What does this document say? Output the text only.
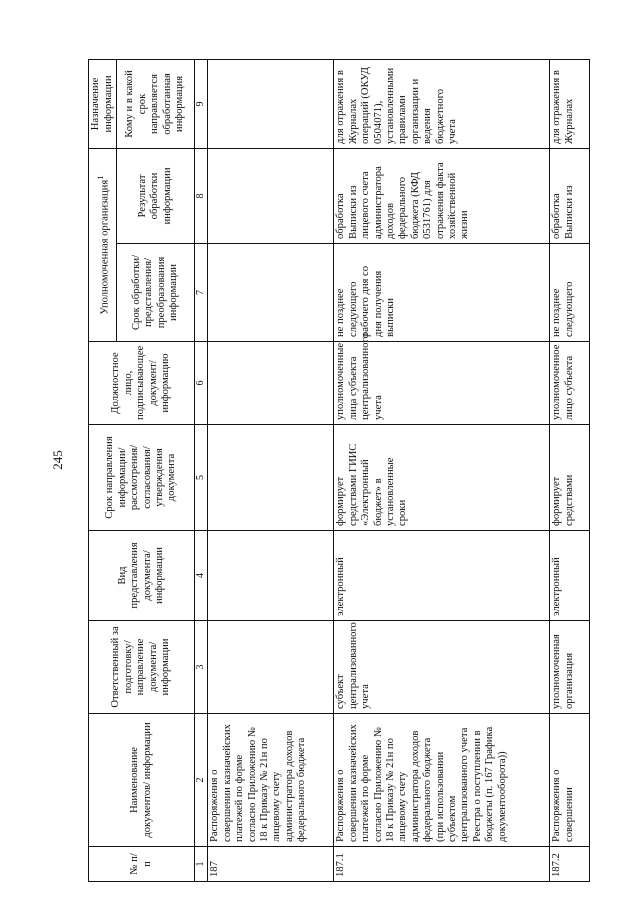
245
№ п/п	Наименование документов/ информации	Ответственный за подготовку/ направление документа/ информации	Вид представления документа/ информации	Срок направления информации/ рассмотрения/ согласования/ утверждения документа	Должностное лицо, подписывающее документ/ информацию	Уполномоченная организация$^1$		Назначение информации
						Срок обработки/ представления/ преобразования информации	Результат обработки информации	Кому и в какой срок направляется обработанная информация
1	2	3	4	5	6	7	8	9
187	Распоряжения о совершении казначейских платежей по форме согласно Приложению № 18 к Приказу № 21н по лицевому счету администратора доходов федерального бюджета							
187.1	Распоряжения о совершении казначейских платежей по форме согласно Приложению № 18 к Приказу № 21н по лицевому счету администратора доходов федерального бюджета (при использовании субъектом централизованного учета Реестра о поступлении в бюджеты (п. 167 Графика документооборота))	субъект централизованного учета	электронный	формирует средствами ГИИС «Электронный бюджет» в установленные сроки	уполномоченные лица субъекта централизованного учета	не позднее следующего рабочего дня со дня получения выписки	обработка Выписки из лицевого счета администратора доходов федерального бюджета (КФД 0531761) для отражения факта хозяйственной жизни	для отражения в Журналах операций (ОКУД 0504071), установленными правилами организации и ведения бюджетного учета
187.2	Распоряжения о совершении	уполномоченная организация	электронный	формирует средствами	уполномоченное лицо субъекта	не позднее следующего	обработка Выписки из	для отражения в Журналах
